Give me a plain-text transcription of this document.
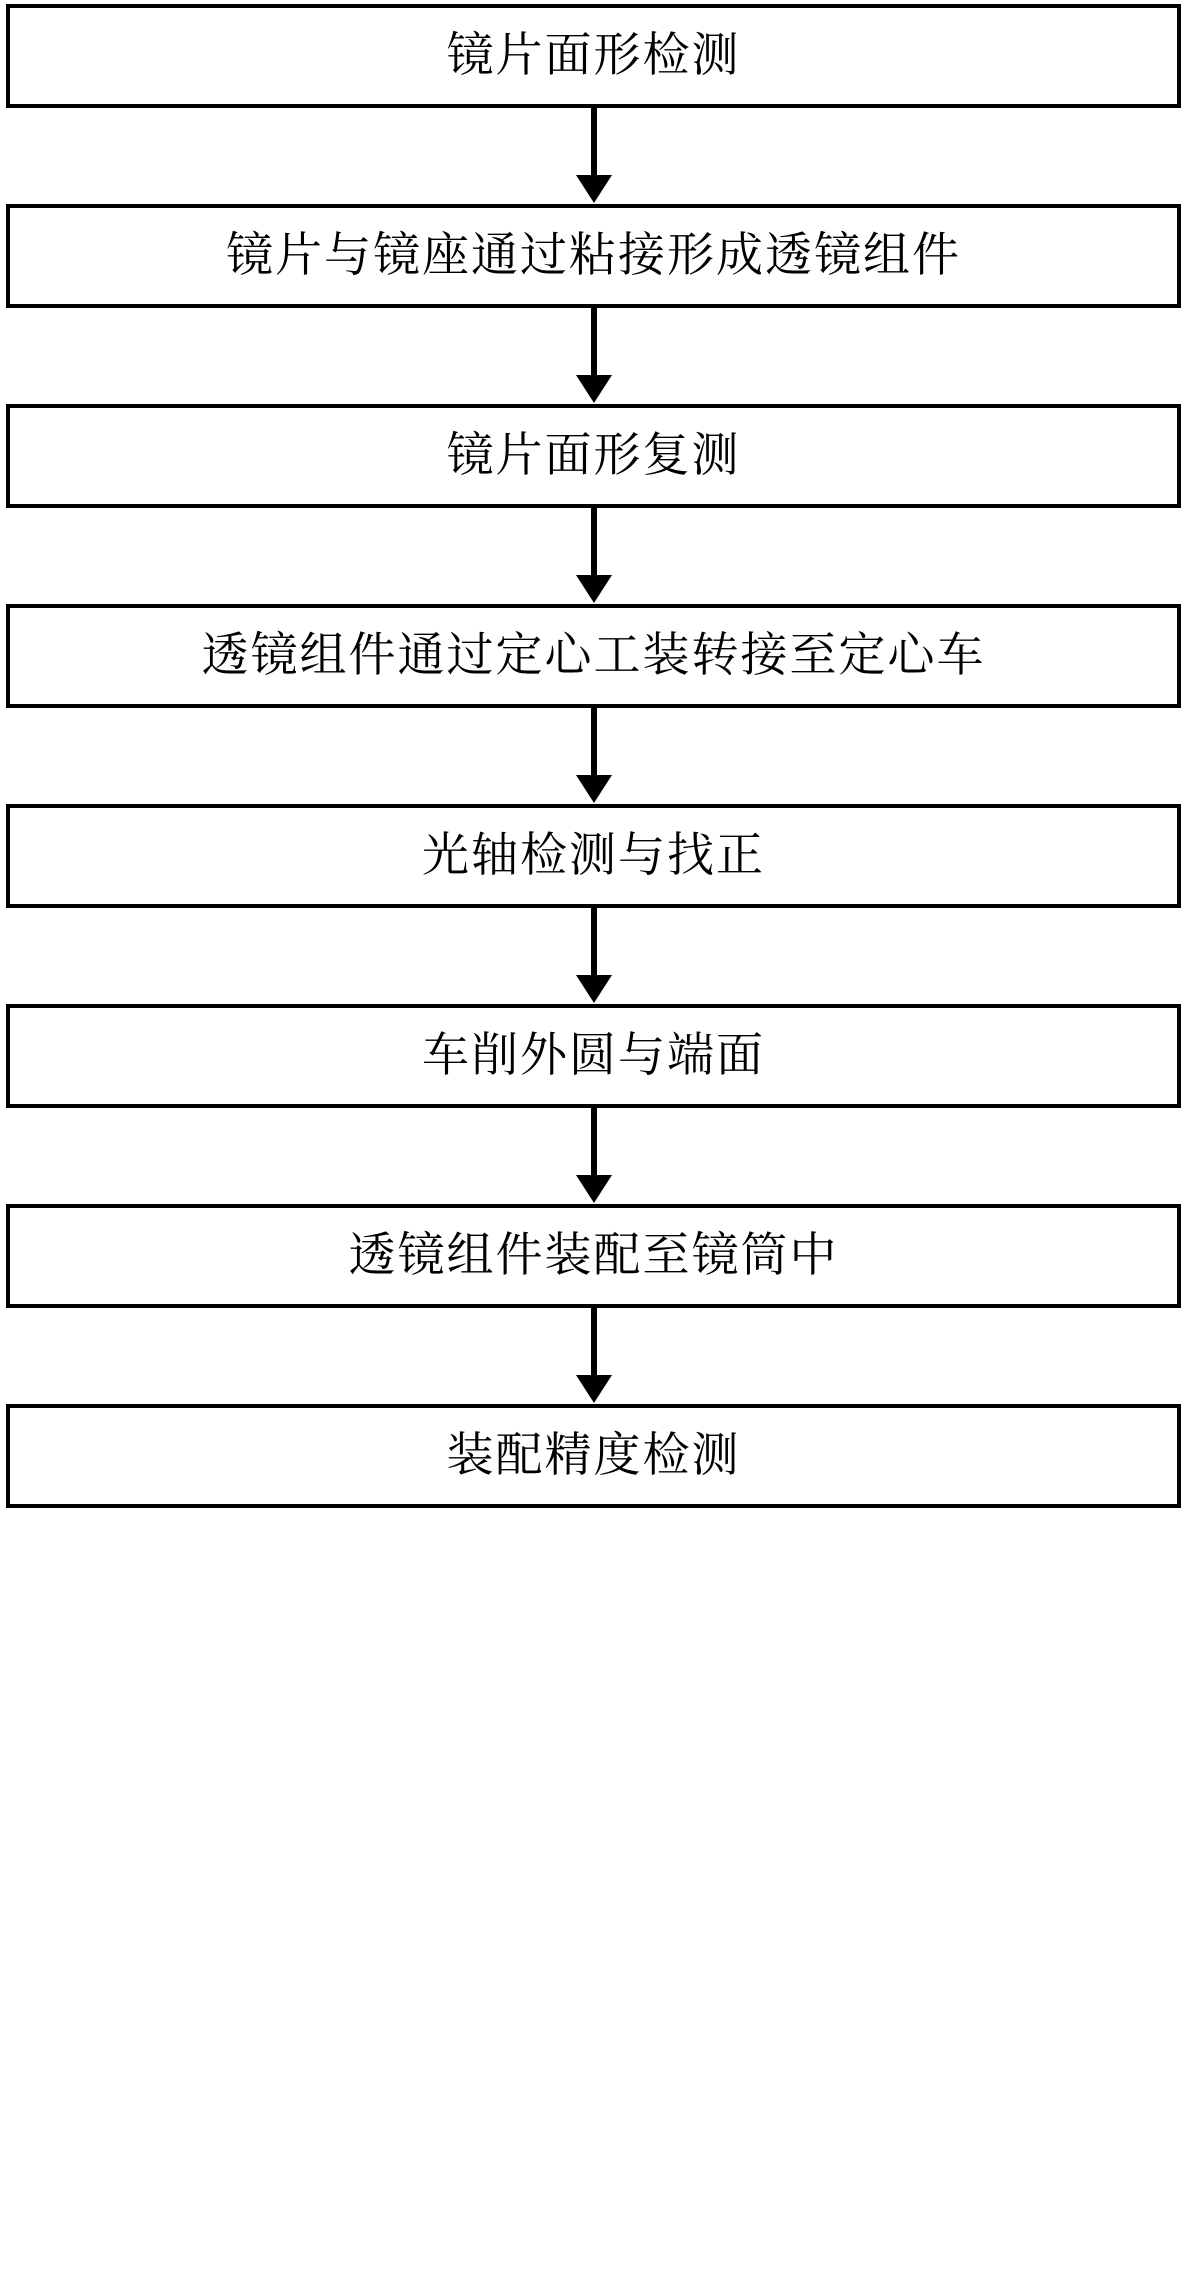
镜片面形检测
镜片与镜座通过粘接形成透镜组件
镜片面形复测
透镜组件通过定心工装转接至定心车
光轴检测与找正
车削外圆与端面
透镜组件装配至镜筒中
装配精度检测
